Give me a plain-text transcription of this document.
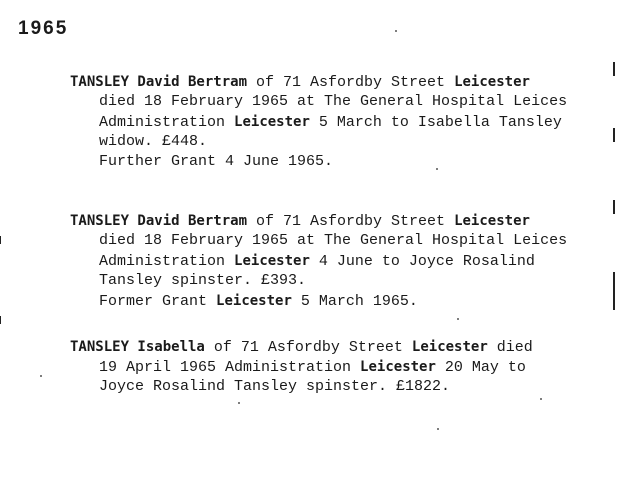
1965
TANSLEY David Bertram of 71 Asfordby Street Leicester
died 18 February 1965 at The General Hospital Leices
Administration Leicester 5 March to Isabella Tansley
widow. £448.
Further Grant 4 June 1965.
TANSLEY David Bertram of 71 Asfordby Street Leicester
died 18 February 1965 at The General Hospital Leices
Administration Leicester 4 June to Joyce Rosalind
Tansley spinster. £393.
Former Grant Leicester 5 March 1965.
TANSLEY Isabella of 71 Asfordby Street Leicester died
19 April 1965 Administration Leicester 20 May to
Joyce Rosalind Tansley spinster. £1822.
